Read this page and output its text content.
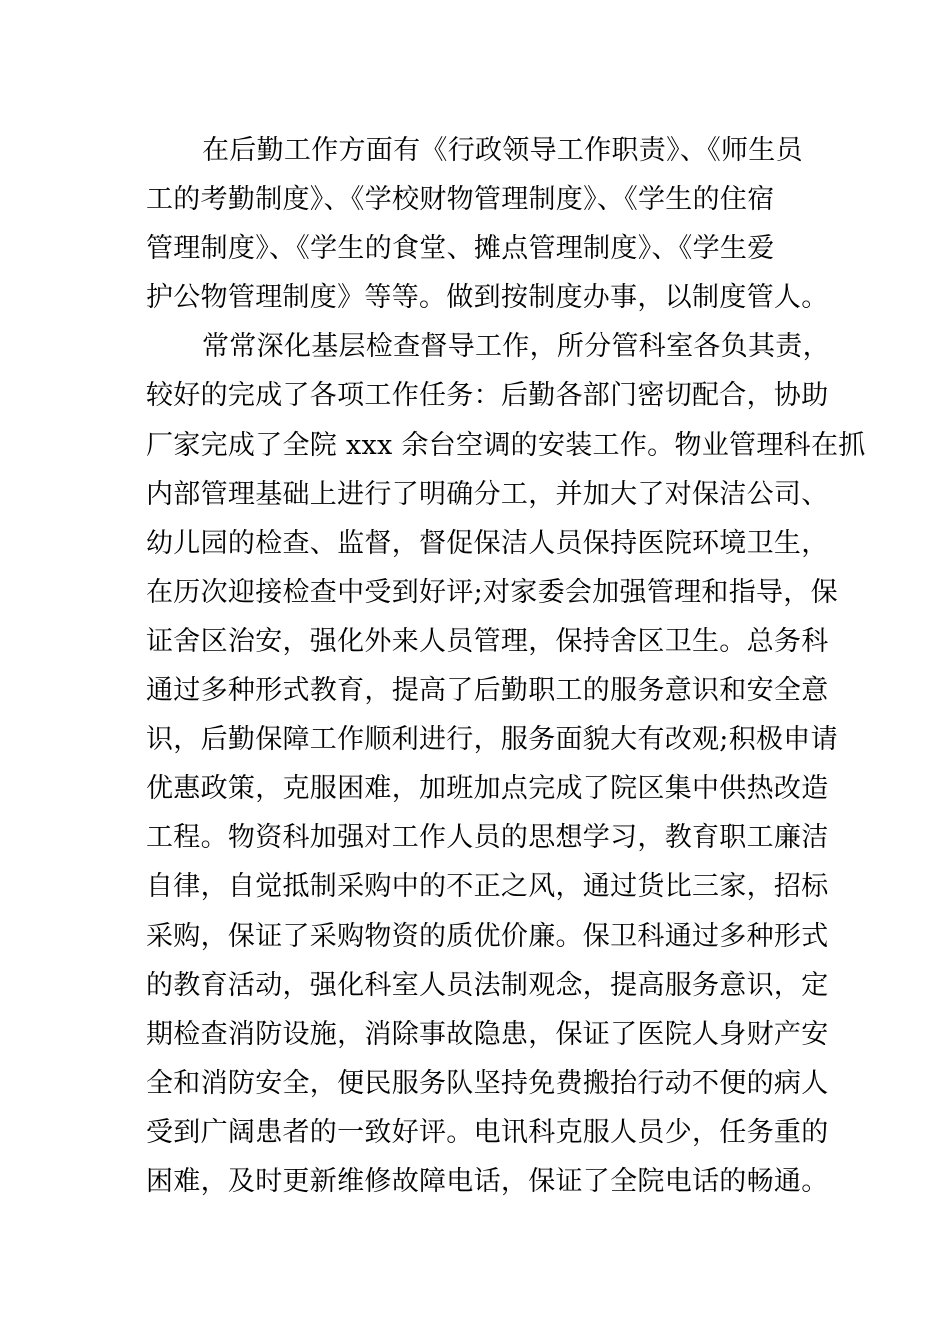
在后勤工作方面有《行政领导工作职责》、《师生员
工的考勤制度》、《学校财物管理制度》、《学生的住宿
管理制度》、《学生的食堂、摊点管理制度》、《学生爱
护公物管理制度》等等。做到按制度办事，以制度管人。
常常深化基层检查督导工作，所分管科室各负其责，
较好的完成了各项工作任务：后勤各部门密切配合，协助
厂家完成了全院 xxx 余台空调的安装工作。物业管理科在抓
内部管理基础上进行了明确分工，并加大了对保洁公司、
幼儿园的检查、监督，督促保洁人员保持医院环境卫生，
在历次迎接检查中受到好评;对家委会加强管理和指导，保
证舍区治安，强化外来人员管理，保持舍区卫生。总务科
通过多种形式教育，提高了后勤职工的服务意识和安全意
识，后勤保障工作顺利进行，服务面貌大有改观;积极申请
优惠政策，克服困难，加班加点完成了院区集中供热改造
工程。物资科加强对工作人员的思想学习，教育职工廉洁
自律，自觉抵制采购中的不正之风，通过货比三家，招标
采购，保证了采购物资的质优价廉。保卫科通过多种形式
的教育活动，强化科室人员法制观念，提高服务意识，定
期检查消防设施，消除事故隐患，保证了医院人身财产安
全和消防安全，便民服务队坚持免费搬抬行动不便的病人
受到广阔患者的一致好评。电讯科克服人员少，任务重的
困难，及时更新维修故障电话，保证了全院电话的畅通。
